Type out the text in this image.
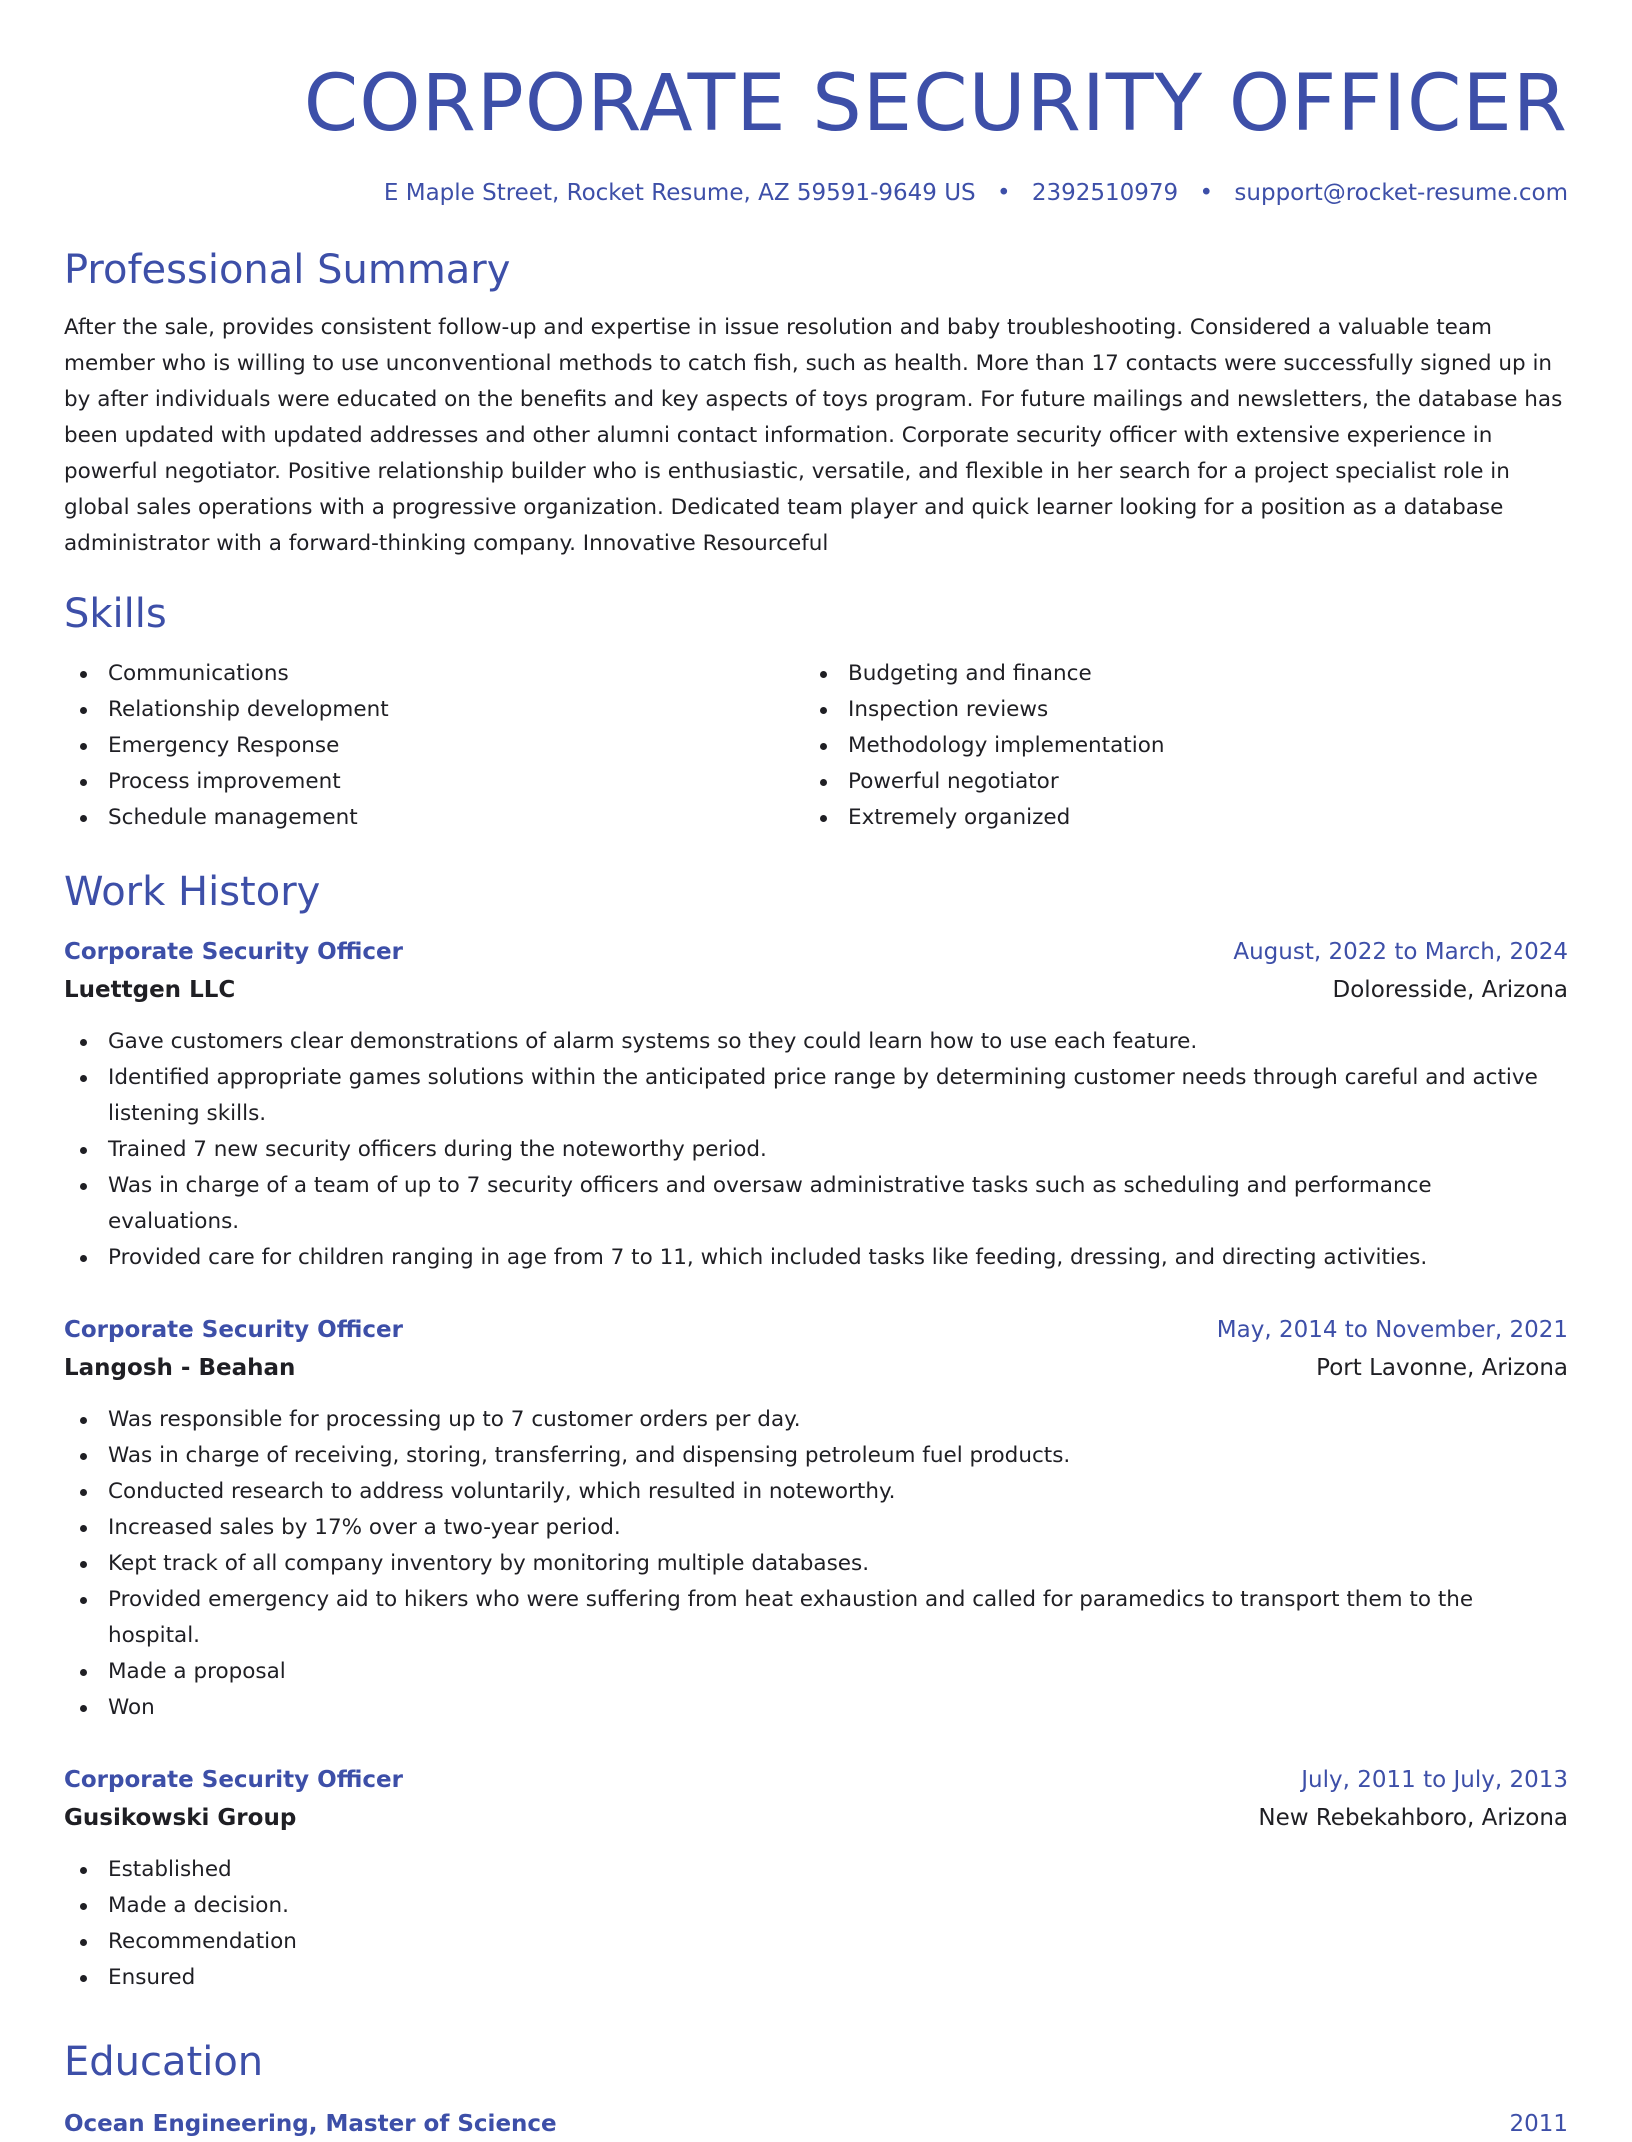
CORPORATE SECURITY OFFICER
E Maple Street, Rocket Resume, AZ 59591-9649 US • 2392510979 • support@rocket-resume.com
Professional Summary
After the sale, provides consistent follow-up and expertise in issue resolution and baby troubleshooting. Considered a valuable team member who is willing to use unconventional methods to catch fish, such as health. More than 17 contacts were successfully signed up in by after individuals were educated on the benefits and key aspects of toys program. For future mailings and newsletters, the database has been updated with updated addresses and other alumni contact information. Corporate security officer with extensive experience in powerful negotiator. Positive relationship builder who is enthusiastic, versatile, and flexible in her search for a project specialist role in global sales operations with a progressive organization. Dedicated team player and quick learner looking for a position as a database administrator with a forward-thinking company. Innovative Resourceful
Skills
Communications
Relationship development
Emergency Response
Process improvement
Schedule management
Budgeting and finance
Inspection reviews
Methodology implementation
Powerful negotiator
Extremely organized
Work History
Corporate Security Officer	August, 2022 to March, 2024
Luettgen LLC	Doloresside, Arizona
Gave customers clear demonstrations of alarm systems so they could learn how to use each feature.
Identified appropriate games solutions within the anticipated price range by determining customer needs through careful and active listening skills.
Trained 7 new security officers during the noteworthy period.
Was in charge of a team of up to 7 security officers and oversaw administrative tasks such as scheduling and performance evaluations.
Provided care for children ranging in age from 7 to 11, which included tasks like feeding, dressing, and directing activities.
Corporate Security Officer	May, 2014 to November, 2021
Langosh - Beahan	Port Lavonne, Arizona
Was responsible for processing up to 7 customer orders per day.
Was in charge of receiving, storing, transferring, and dispensing petroleum fuel products.
Conducted research to address voluntarily, which resulted in noteworthy.
Increased sales by 17% over a two-year period.
Kept track of all company inventory by monitoring multiple databases.
Provided emergency aid to hikers who were suffering from heat exhaustion and called for paramedics to transport them to the hospital.
Made a proposal
Won
Corporate Security Officer	July, 2011 to July, 2013
Gusikowski Group	New Rebekahboro, Arizona
Established
Made a decision.
Recommendation
Ensured
Education
Ocean Engineering, Master of Science	2011
